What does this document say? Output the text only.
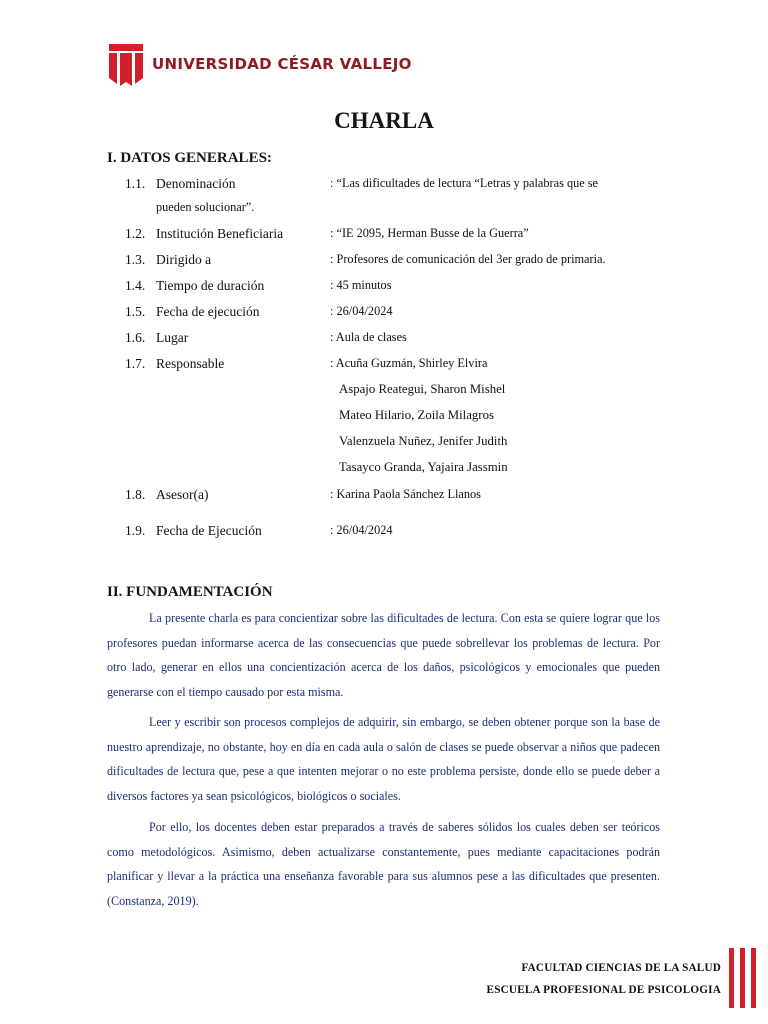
UNIVERSIDAD CÉSAR VALLEJO
CHARLA
I. DATOS GENERALES:
1.1. Denominación	: “Las dificultades de lectura “Letras y palabras que se
pueden solucionar”.
1.2. Institución Beneficiaria	: “IE 2095, Herman Busse de la Guerra”
1.3. Dirigido a	: Profesores de comunicación del 3er grado de primaria.
1.4. Tiempo de duración	: 45 minutos
1.5. Fecha de ejecución	: 26/04/2024
1.6. Lugar	: Aula de clases
1.7. Responsable	: Acuña Guzmán, Shirley Elvira
Aspajo Reategui, Sharon Mishel
Mateo Hilario, Zoila Milagros
Valenzuela Nuñez, Jenifer Judith
Tasayco Granda, Yajaira Jassmin
1.8. Asesor(a)	: Karina Paola Sánchez Llanos
1.9. Fecha de Ejecución	: 26/04/2024
II. FUNDAMENTACIÓN

La presente charla es para concientizar sobre las dificultades de lectura. Con esta se quiere lograr que los profesores puedan informarse acerca de las consecuencias que puede sobrellevar los problemas de lectura. Por otro lado, generar en ellos una concientización acerca de los daños, psicológicos y emocionales que pueden generarse con el tiempo causado por esta misma.

Leer y escribir son procesos complejos de adquirir, sin embargo, se deben obtener porque son la base de nuestro aprendizaje, no obstante, hoy en día en cada aula o salón de clases se puede observar a niños que padecen dificultades de lectura que, pese a que intenten mejorar o no este problema persiste, donde ello se puede deber a diversos factores ya sean psicológicos, biológicos o sociales.

Por ello, los docentes deben estar preparados a través de saberes sólidos los cuales deben ser teóricos como metodológicos. Asimismo, deben actualizarse constantemente, pues mediante capacitaciones podrán planificar y llevar a la práctica una enseñanza favorable para sus alumnos pese a las dificultades que presenten. (Constanza, 2019).

FACULTAD CIENCIAS DE LA SALUD
ESCUELA PROFESIONAL DE PSICOLOGIA
